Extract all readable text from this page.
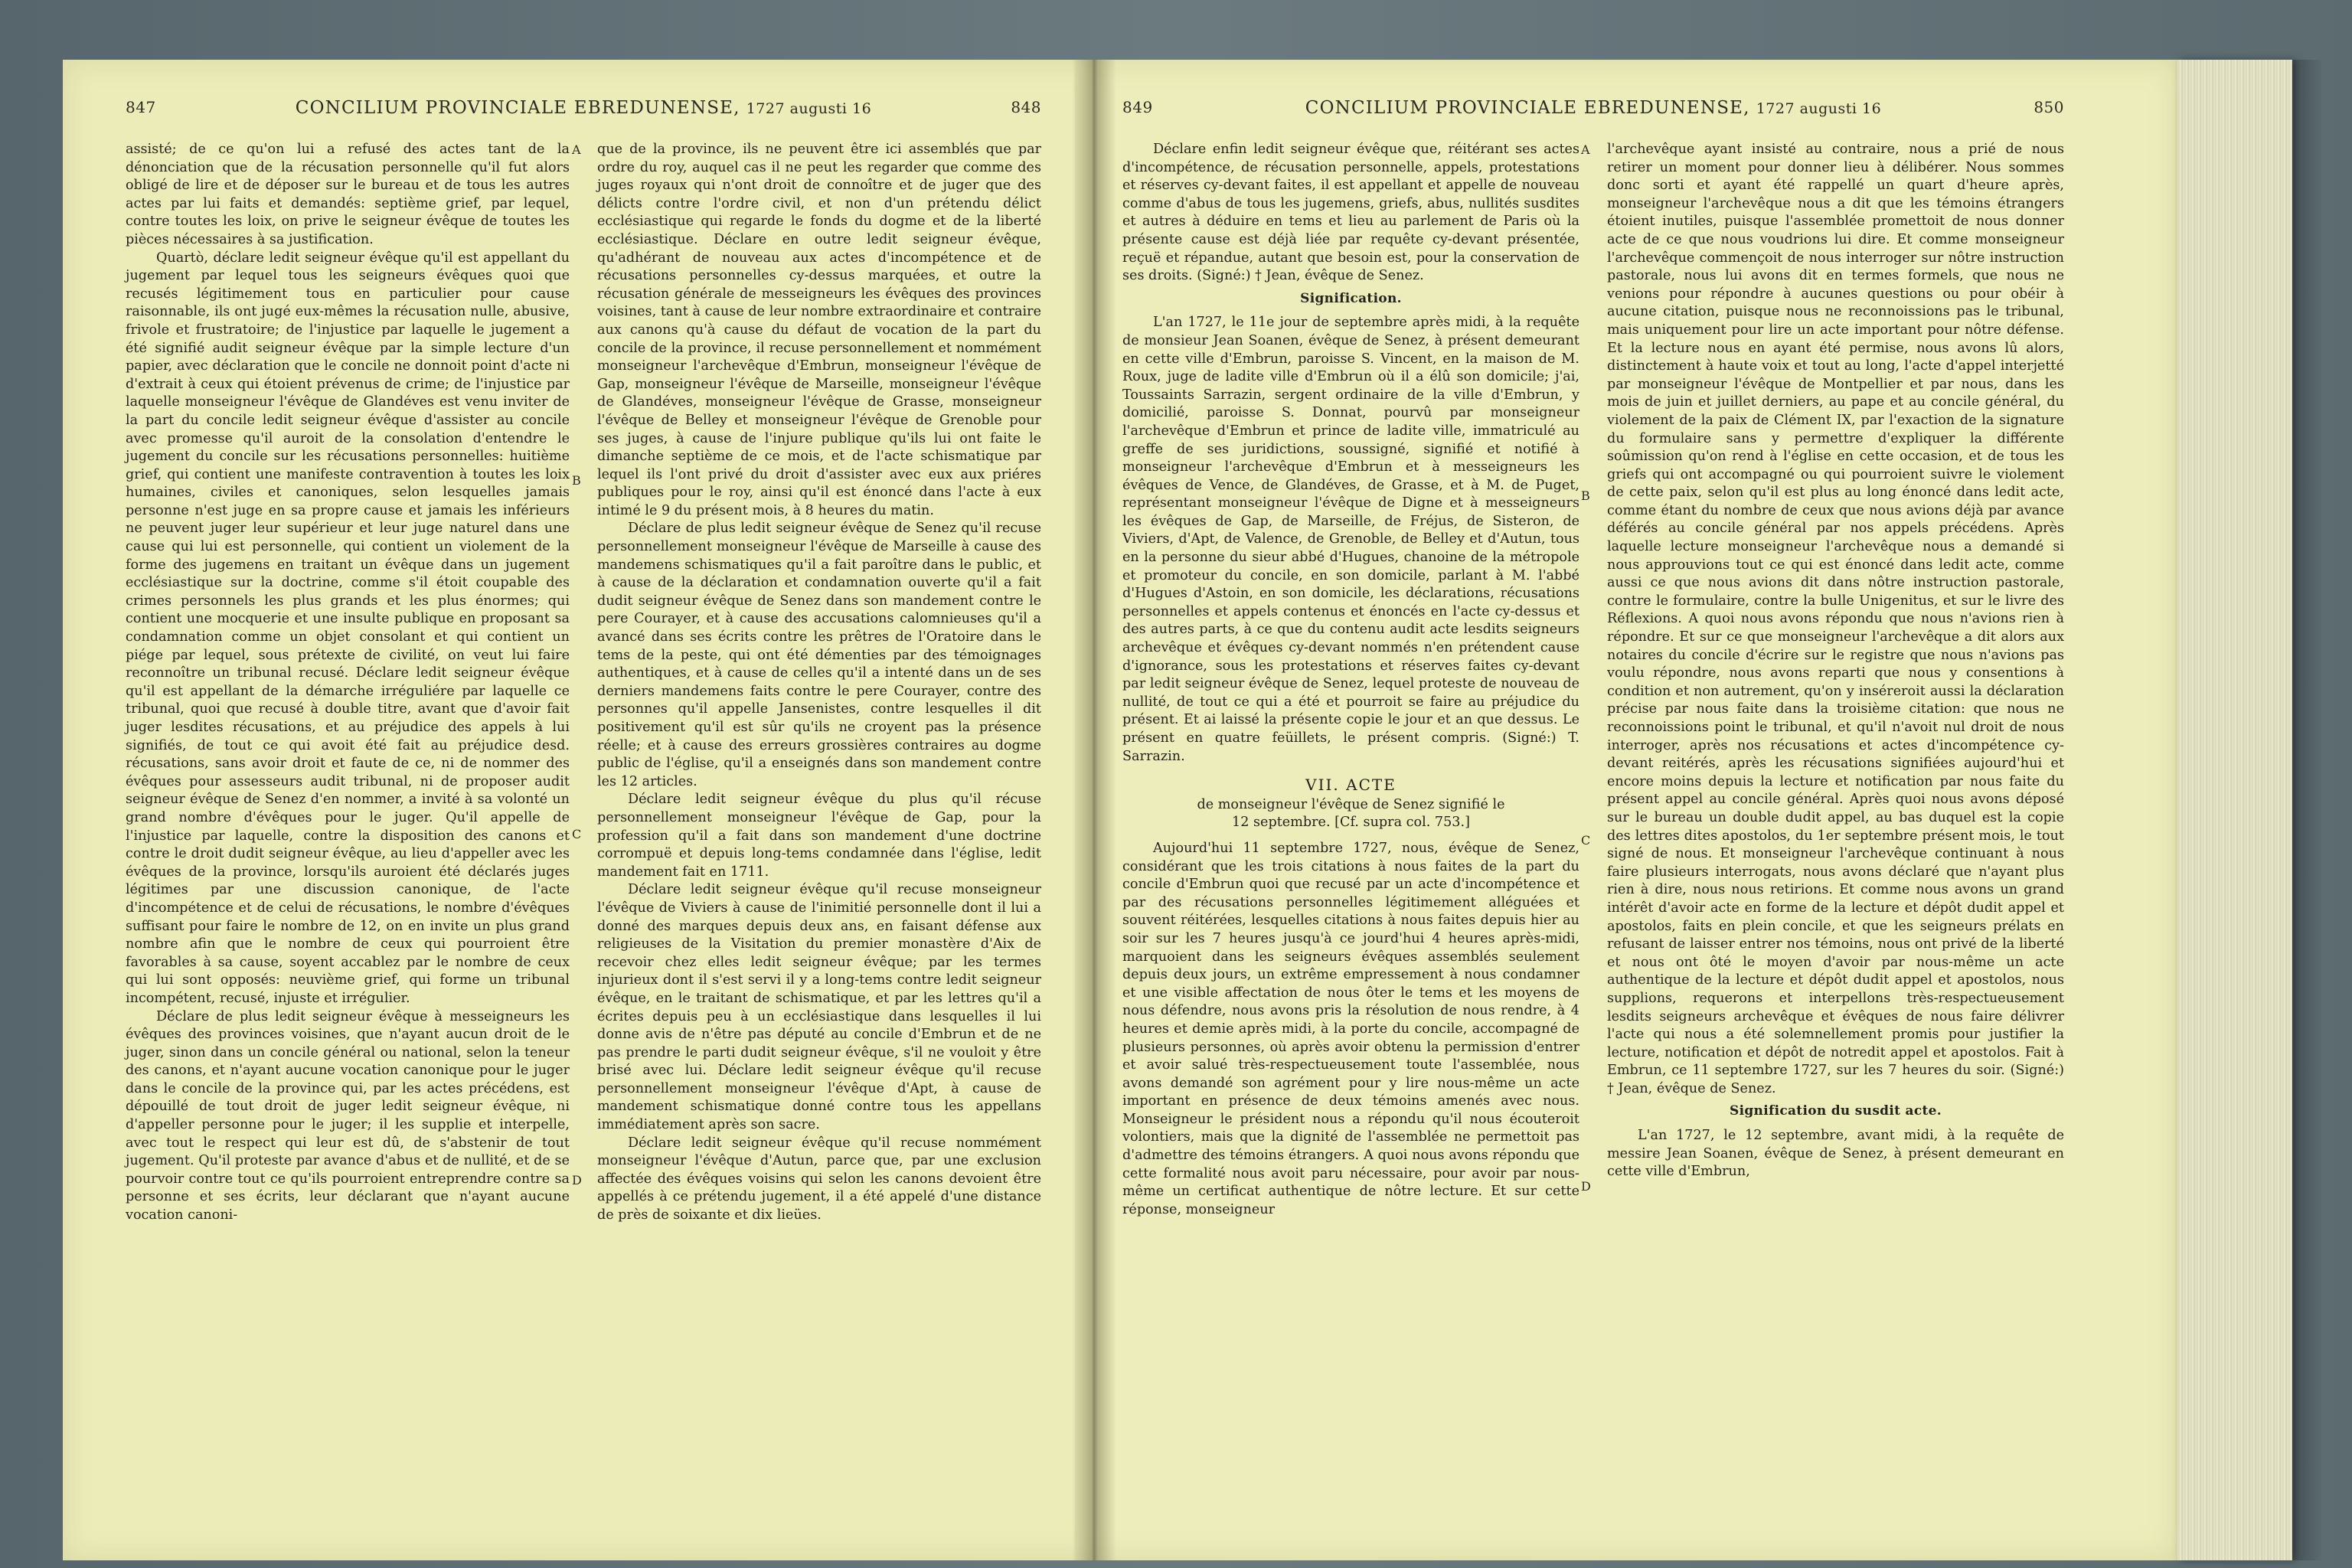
847	CONCILIUM PROVINCIALE EBREDUNENSE, 1727 augusti 16	848

assisté; de ce qu'on lui a refusé des actes tant de la dénonciation que de la récusation personnelle qu'il fut alors obligé de lire et de déposer sur le bureau et de tous les autres actes par lui faits et demandés: septième grief, par lequel, contre toutes les loix, on prive le seigneur évêque de toutes les pièces nécessaires à sa justification.

Quartò, déclare ledit seigneur évêque qu'il est appellant du jugement par lequel tous les seigneurs évêques quoi que recusés légitimement tous en particulier pour cause raisonnable, ils ont jugé eux-mêmes la récusation nulle, abusive, frivole et frustratoire; de l'injustice par laquelle le jugement a été signifié audit seigneur évêque par la simple lecture d'un papier, avec déclaration que le concile ne donnoit point d'acte ni d'extrait à ceux qui étoient prévenus de crime; de l'injustice par laquelle monseigneur l'évêque de Glandéves est venu inviter de la part du concile ledit seigneur évêque d'assister au concile avec promesse qu'il auroit de la consolation d'entendre le jugement du concile sur les récusations personnelles: huitième grief, qui contient une manifeste contravention à toutes les loix humaines, civiles et canoniques, selon lesquelles jamais personne n'est juge en sa propre cause et jamais les inférieurs ne peuvent juger leur supérieur et leur juge naturel dans une cause qui lui est personnelle, qui contient un violement de la forme des jugemens en traitant un évêque dans un jugement ecclésiastique sur la doctrine, comme s'il étoit coupable des crimes personnels les plus grands et les plus énormes; qui contient une mocquerie et une insulte publique en proposant sa condamnation comme un objet consolant et qui contient un piége par lequel, sous prétexte de civilité, on veut lui faire reconnoître un tribunal recusé. Déclare ledit seigneur évêque qu'il est appellant de la démarche irréguliére par laquelle ce tribunal, quoi que recusé à double titre, avant que d'avoir fait juger lesdites récusations, et au préjudice des appels à lui signifiés, de tout ce qui avoit été fait au préjudice desd. récusations, sans avoir droit et faute de ce, ni de nommer des évêques pour assesseurs audit tribunal, ni de proposer audit seigneur évêque de Senez d'en nommer, a invité à sa volonté un grand nombre d'évêques pour le juger. Qu'il appelle de l'injustice par laquelle, contre la disposition des canons et contre le droit dudit seigneur évêque, au lieu d'appeller avec les évêques de la province, lorsqu'ils auroient été déclarés juges légitimes par une discussion canonique, de l'acte d'incompétence et de celui de récusations, le nombre d'évêques suffisant pour faire le nombre de 12, on en invite un plus grand nombre afin que le nombre de ceux qui pourroient être favorables à sa cause, soyent accablez par le nombre de ceux qui lui sont opposés: neuvième grief, qui forme un tribunal incompétent, recusé, injuste et irrégulier.

Déclare de plus ledit seigneur évêque à messeigneurs les évêques des provinces voisines, que n'ayant aucun droit de le juger, sinon dans un concile général ou national, selon la teneur des canons, et n'ayant aucune vocation canonique pour le juger dans le concile de la province qui, par les actes précédens, est dépouillé de tout droit de juger ledit seigneur évêque, ni d'appeller personne pour le juger; il les supplie et interpelle, avec tout le respect qui leur est dû, de s'abstenir de tout jugement. Qu'il proteste par avance d'abus et de nullité, et de se pourvoir contre tout ce qu'ils pourroient entreprendre contre sa personne et ses écrits, leur déclarant que n'ayant aucune vocation canoni-

que de la province, ils ne peuvent être ici assemblés que par ordre du roy, auquel cas il ne peut les regarder que comme des juges royaux qui n'ont droit de connoître et de juger que des délicts contre l'ordre civil, et non d'un prétendu délict ecclésiastique qui regarde le fonds du dogme et de la liberté ecclésiastique. Déclare en outre ledit seigneur évêque, qu'adhérant de nouveau aux actes d'incompétence et de récusations personnelles cy-dessus marquées, et outre la récusation générale de messeigneurs les évêques des provinces voisines, tant à cause de leur nombre extraordinaire et contraire aux canons qu'à cause du défaut de vocation de la part du concile de la province, il recuse personnellement et nommément monseigneur l'archevêque d'Embrun, monseigneur l'évêque de Gap, monseigneur l'évêque de Marseille, monseigneur l'évêque de Glandéves, monseigneur l'évêque de Grasse, monseigneur l'évêque de Belley et monseigneur l'évêque de Grenoble pour ses juges, à cause de l'injure publique qu'ils lui ont faite le dimanche septième de ce mois, et de l'acte schismatique par lequel ils l'ont privé du droit d'assister avec eux aux priéres publiques pour le roy, ainsi qu'il est énoncé dans l'acte à eux intimé le 9 du présent mois, à 8 heures du matin.

Déclare de plus ledit seigneur évêque de Senez qu'il recuse personnellement monseigneur l'évêque de Marseille à cause des mandemens schismatiques qu'il a fait paroître dans le public, et à cause de la déclaration et condamnation ouverte qu'il a fait dudit seigneur évêque de Senez dans son mandement contre le pere Courayer, et à cause des accusations calomnieuses qu'il a avancé dans ses écrits contre les prêtres de l'Oratoire dans le tems de la peste, qui ont été démenties par des témoignages authentiques, et à cause de celles qu'il a intenté dans un de ses derniers mandemens faits contre le pere Courayer, contre des personnes qu'il appelle Jansenistes, contre lesquelles il dit positivement qu'il est sûr qu'ils ne croyent pas la présence réelle; et à cause des erreurs grossières contraires au dogme public de l'église, qu'il a enseignés dans son mandement contre les 12 articles.

Déclare ledit seigneur évêque du plus qu'il récuse personnellement monseigneur l'évêque de Gap, pour la profession qu'il a fait dans son mandement d'une doctrine corrompuë et depuis long-tems condamnée dans l'église, ledit mandement fait en 1711.

Déclare ledit seigneur évêque qu'il recuse monseigneur l'évêque de Viviers à cause de l'inimitié personnelle dont il lui a donné des marques depuis deux ans, en faisant défense aux religieuses de la Visitation du premier monastère d'Aix de recevoir chez elles ledit seigneur évêque; par les termes injurieux dont il s'est servi il y a long-tems contre ledit seigneur évêque, en le traitant de schismatique, et par les lettres qu'il a écrites depuis peu à un ecclésiastique dans lesquelles il lui donne avis de n'être pas député au concile d'Embrun et de ne pas prendre le parti dudit seigneur évêque, s'il ne vouloit y être brisé avec lui. Déclare ledit seigneur évêque qu'il recuse personnellement monseigneur l'évêque d'Apt, à cause de mandement schismatique donné contre tous les appellans immédiatement après son sacre.

Déclare ledit seigneur évêque qu'il recuse nommément monseigneur l'évêque d'Autun, parce que, par une exclusion affectée des évêques voisins qui selon les canons devoient être appellés à ce prétendu jugement, il a été appelé d'une distance de près de soixante et dix lieües.

A
B
C
D
849	CONCILIUM PROVINCIALE EBREDUNENSE, 1727 augusti 16	850

Déclare enfin ledit seigneur évêque que, réitérant ses actes d'incompétence, de récusation personnelle, appels, protestations et réserves cy-devant faites, il est appellant et appelle de nouveau comme d'abus de tous les jugemens, griefs, abus, nullités susdites et autres à déduire en tems et lieu au parlement de Paris où la présente cause est déjà liée par requête cy-devant présentée, reçuë et répandue, autant que besoin est, pour la conservation de ses droits. (Signé:) † Jean, évêque de Senez.

Signification.

L'an 1727, le 11e jour de septembre après midi, à la requête de monsieur Jean Soanen, évêque de Senez, à présent demeurant en cette ville d'Embrun, paroisse S. Vincent, en la maison de M. Roux, juge de ladite ville d'Embrun où il a élû son domicile; j'ai, Toussaints Sarrazin, sergent ordinaire de la ville d'Embrun, y domicilié, paroisse S. Donnat, pourvû par monseigneur l'archevêque d'Embrun et prince de ladite ville, immatriculé au greffe de ses juridictions, soussigné, signifié et notifié à monseigneur l'archevêque d'Embrun et à messeigneurs les évêques de Vence, de Glandéves, de Grasse, et à M. de Puget, représentant monseigneur l'évêque de Digne et à messeigneurs les évêques de Gap, de Marseille, de Fréjus, de Sisteron, de Viviers, d'Apt, de Valence, de Grenoble, de Belley et d'Autun, tous en la personne du sieur abbé d'Hugues, chanoine de la métropole et promoteur du concile, en son domicile, parlant à M. l'abbé d'Hugues d'Astoin, en son domicile, les déclarations, récusations personnelles et appels contenus et énoncés en l'acte cy-dessus et des autres parts, à ce que du contenu audit acte lesdits seigneurs archevêque et évêques cy-devant nommés n'en prétendent cause d'ignorance, sous les protestations et réserves faites cy-devant par ledit seigneur évêque de Senez, lequel proteste de nouveau de nullité, de tout ce qui a été et pourroit se faire au préjudice du présent. Et ai laissé la présente copie le jour et an que dessus. Le présent en quatre feüillets, le présent compris. (Signé:) T. Sarrazin.

VII. ACTE
de monseigneur l'évêque de Senez signifié le
12 septembre. [Cf. supra col. 753.]

Aujourd'hui 11 septembre 1727, nous, évêque de Senez, considérant que les trois citations à nous faites de la part du concile d'Embrun quoi que recusé par un acte d'incompétence et par des récusations personnelles légitimement alléguées et souvent réitérées, lesquelles citations à nous faites depuis hier au soir sur les 7 heures jusqu'à ce jourd'hui 4 heures après-midi, marquoient dans les seigneurs évêques assemblés seulement depuis deux jours, un extrême empressement à nous condamner et une visible affectation de nous ôter le tems et les moyens de nous défendre, nous avons pris la résolution de nous rendre, à 4 heures et demie après midi, à la porte du concile, accompagné de plusieurs personnes, où après avoir obtenu la permission d'entrer et avoir salué très-respectueusement toute l'assemblée, nous avons demandé son agrément pour y lire nous-même un acte important en présence de deux témoins amenés avec nous. Monseigneur le président nous a répondu qu'il nous écouteroit volontiers, mais que la dignité de l'assemblée ne permettoit pas d'admettre des témoins étrangers. A quoi nous avons répondu que cette formalité nous avoit paru nécessaire, pour avoir par nous-même un certificat authentique de nôtre lecture. Et sur cette réponse, monseigneur

l'archevêque ayant insisté au contraire, nous a prié de nous retirer un moment pour donner lieu à délibérer. Nous sommes donc sorti et ayant été rappellé un quart d'heure après, monseigneur l'archevêque nous a dit que les témoins étrangers étoient inutiles, puisque l'assemblée promettoit de nous donner acte de ce que nous voudrions lui dire. Et comme monseigneur l'archevêque commençoit de nous interroger sur nôtre instruction pastorale, nous lui avons dit en termes formels, que nous ne venions pour répondre à aucunes questions ou pour obéir à aucune citation, puisque nous ne reconnoissions pas le tribunal, mais uniquement pour lire un acte important pour nôtre défense. Et la lecture nous en ayant été permise, nous avons lû alors, distinctement à haute voix et tout au long, l'acte d'appel interjetté par monseigneur l'évêque de Montpellier et par nous, dans les mois de juin et juillet derniers, au pape et au concile général, du violement de la paix de Clément IX, par l'exaction de la signature du formulaire sans y permettre d'expliquer la différente soûmission qu'on rend à l'église en cette occasion, et de tous les griefs qui ont accompagné ou qui pourroient suivre le violement de cette paix, selon qu'il est plus au long énoncé dans ledit acte, comme étant du nombre de ceux que nous avions déjà par avance déférés au concile général par nos appels précédens. Après laquelle lecture monseigneur l'archevêque nous a demandé si nous approuvions tout ce qui est énoncé dans ledit acte, comme aussi ce que nous avions dit dans nôtre instruction pastorale, contre le formulaire, contre la bulle Unigenitus, et sur le livre des Réflexions. A quoi nous avons répondu que nous n'avions rien à répondre. Et sur ce que monseigneur l'archevêque a dit alors aux notaires du concile d'écrire sur le registre que nous n'avions pas voulu répondre, nous avons reparti que nous y consentions à condition et non autrement, qu'on y inséreroit aussi la déclaration précise par nous faite dans la troisième citation: que nous ne reconnoissions point le tribunal, et qu'il n'avoit nul droit de nous interroger, après nos récusations et actes d'incompétence cy-devant reitérés, après les récusations signifiées aujourd'hui et encore moins depuis la lecture et notification par nous faite du présent appel au concile général. Après quoi nous avons déposé sur le bureau un double dudit appel, au bas duquel est la copie des lettres dites apostolos, du 1er septembre présent mois, le tout signé de nous. Et monseigneur l'archevêque continuant à nous faire plusieurs interrogats, nous avons déclaré que n'ayant plus rien à dire, nous nous retirions. Et comme nous avons un grand intérêt d'avoir acte en forme de la lecture et dépôt dudit appel et apostolos, faits en plein concile, et que les seigneurs prélats en refusant de laisser entrer nos témoins, nous ont privé de la liberté et nous ont ôté le moyen d'avoir par nous-même un acte authentique de la lecture et dépôt dudit appel et apostolos, nous supplions, requerons et interpellons très-respectueusement lesdits seigneurs archevêque et évêques de nous faire délivrer l'acte qui nous a été solemnellement promis pour justifier la lecture, notification et dépôt de notredit appel et apostolos. Fait à Embrun, ce 11 septembre 1727, sur les 7 heures du soir. (Signé:) † Jean, évêque de Senez.

Signification du susdit acte.

L'an 1727, le 12 septembre, avant midi, à la requête de messire Jean Soanen, évêque de Senez, à présent demeurant en cette ville d'Embrun,

A
B
C
D
